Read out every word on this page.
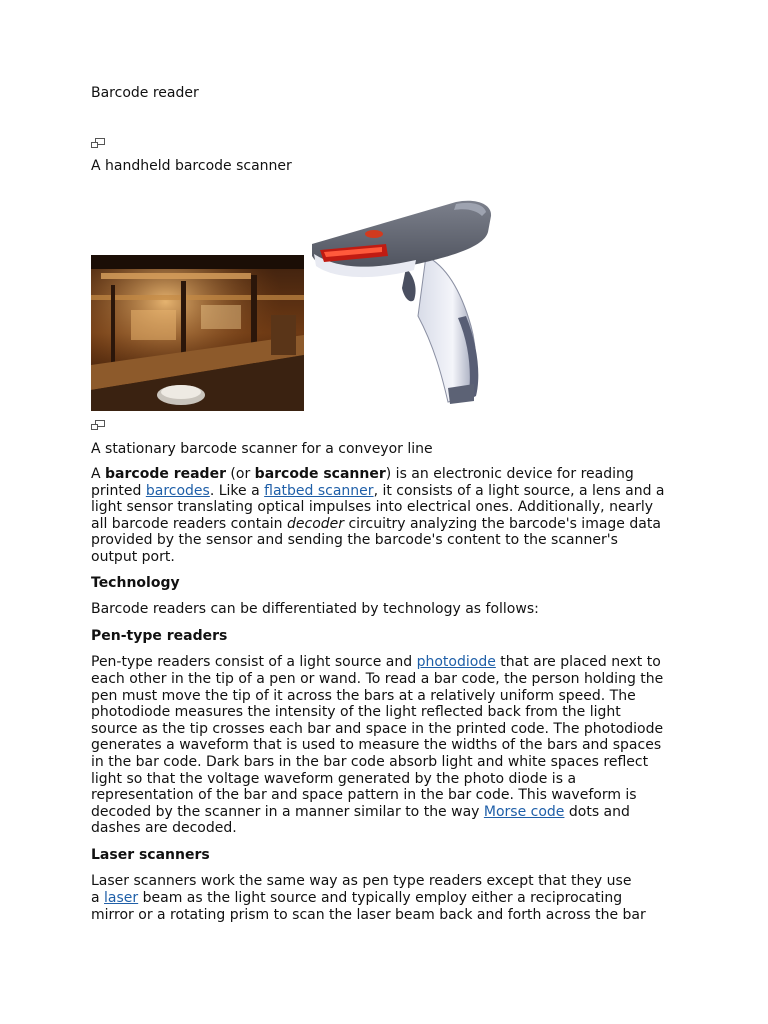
Barcode reader
A handheld barcode scanner
A stationary barcode scanner for a conveyor line

A barcode reader (or barcode scanner) is an electronic device for reading
printed barcodes. Like a flatbed scanner, it consists of a light source, a lens and a
light sensor translating optical impulses into electrical ones. Additionally, nearly
all barcode readers contain decoder circuitry analyzing the barcode's image data
provided by the sensor and sending the barcode's content to the scanner's
output port.

Technology

Barcode readers can be differentiated by technology as follows:

Pen-type readers

Pen-type readers consist of a light source and photodiode that are placed next to
each other in the tip of a pen or wand. To read a bar code, the person holding the
pen must move the tip of it across the bars at a relatively uniform speed. The
photodiode measures the intensity of the light reflected back from the light
source as the tip crosses each bar and space in the printed code. The photodiode
generates a waveform that is used to measure the widths of the bars and spaces
in the bar code. Dark bars in the bar code absorb light and white spaces reflect
light so that the voltage waveform generated by the photo diode is a
representation of the bar and space pattern in the bar code. This waveform is
decoded by the scanner in a manner similar to the way Morse code dots and
dashes are decoded.

Laser scanners

Laser scanners work the same way as pen type readers except that they use
a laser beam as the light source and typically employ either a reciprocating
mirror or a rotating prism to scan the laser beam back and forth across the bar
